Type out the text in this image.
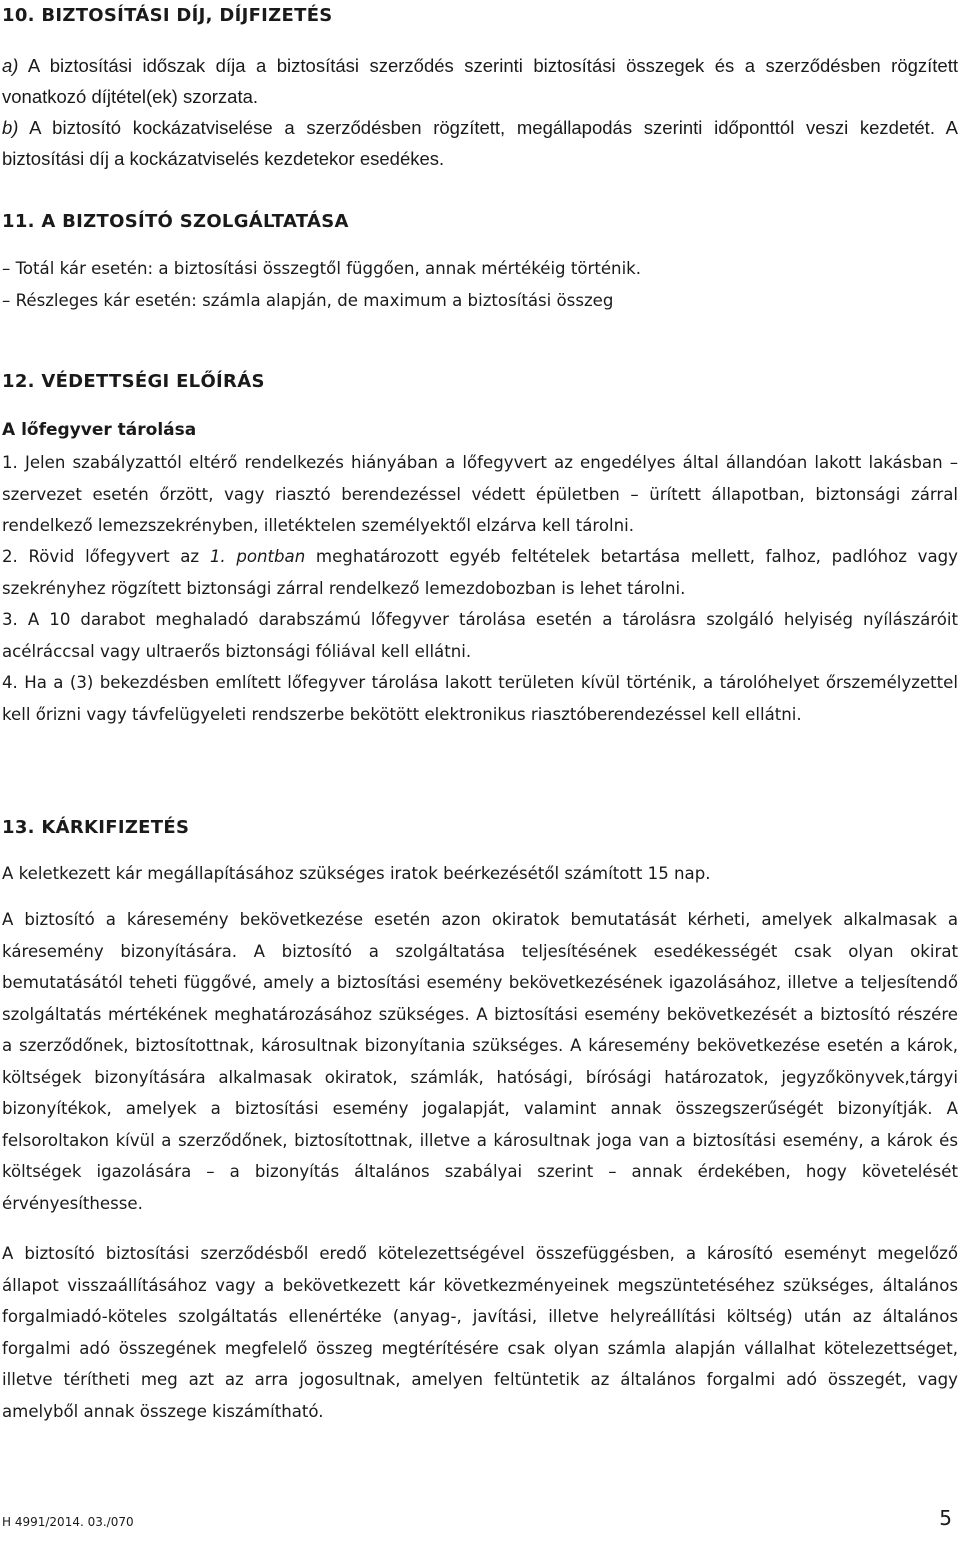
10. BIZTOSÍTÁSI DÍJ, DÍJFIZETÉS

a) A biztosítási időszak díja a biztosítási szerződés szerinti biztosítási összegek és a szerződésben rögzített vonatkozó díjtétel(ek) szorzata.

b) A biztosító kockázatviselése a szerződésben rögzített, megállapodás szerinti időponttól veszi kezdetét. A biztosítási díj a kockázatviselés kezdetekor esedékes.

11. A BIZTOSÍTÓ SZOLGÁLTATÁSA

– Totál kár esetén: a biztosítási összegtől függően, annak mértékéig történik.

– Részleges kár esetén: számla alapján, de maximum a biztosítási összeg

12. VÉDETTSÉGI ELŐÍRÁS
A lőfegyver tárolása

1. Jelen szabályzattól eltérő rendelkezés hiányában a lőfegyvert az engedélyes által állandóan lakott lakásban – szervezet esetén őrzött, vagy riasztó berendezéssel védett épületben – ürített állapotban, biztonsági zárral rendelkező lemezszekrényben, illetéktelen személyektől elzárva kell tárolni.

2. Rövid lőfegyvert az 1. pontban meghatározott egyéb feltételek betartása mellett, falhoz, padlóhoz vagy szekrényhez rögzített biztonsági zárral rendelkező lemezdobozban is lehet tárolni.

3. A 10 darabot meghaladó darabszámú lőfegyver tárolása esetén a tárolásra szolgáló helyiség nyílászáróit acélráccsal vagy ultraerős biztonsági fóliával kell ellátni.

4. Ha a (3) bekezdésben említett lőfegyver tárolása lakott területen kívül történik, a tárolóhelyet őrszemélyzettel kell őrizni vagy távfelügyeleti rendszerbe bekötött elektronikus riasztóberendezéssel kell ellátni.

13. KÁRKIFIZETÉS

A keletkezett kár megállapításához szükséges iratok beérkezésétől számított 15 nap.

A biztosító a káresemény bekövetkezése esetén azon okiratok bemutatását kérheti, amelyek alkalmasak a káresemény bizonyítására. A biztosító a szolgáltatása teljesítésének esedékességét csak olyan okirat bemutatásától teheti függővé, amely a biztosítási esemény bekövetkezésének igazolásához, illetve a teljesítendő szolgáltatás mértékének meghatározásához szükséges. A biztosítási esemény bekövetkezését a biztosító részére a szerződőnek, biztosítottnak, károsultnak bizonyítania szükséges. A káresemény bekövetkezése esetén a károk, költségek bizonyítására alkalmasak okiratok, számlák, hatósági, bírósági határozatok, jegyzőkönyvek,tárgyi bizonyítékok, amelyek a biztosítási esemény jogalapját, valamint annak összegszerűségét bizonyítják. A felsoroltakon kívül a szerződőnek, biztosítottnak, illetve a károsultnak joga van a biztosítási esemény, a károk és költségek igazolására – a bizonyítás általános szabályai szerint – annak érdekében, hogy követelését érvényesíthesse.

A biztosító biztosítási szerződésből eredő kötelezettségével összefüggésben, a károsító eseményt megelőző állapot visszaállításához vagy a bekövetkezett kár következményeinek megszüntetéséhez szükséges, általános forgalmiadó-köteles szolgáltatás ellenértéke (anyag-, javítási, illetve helyreállítási költség) után az általános forgalmi adó összegének megfelelő összeg megtérítésére csak olyan számla alapján vállalhat kötelezettséget, illetve térítheti meg azt az arra jogosultnak, amelyen feltüntetik az általános forgalmi adó összegét, vagy amelyből annak összege kiszámítható.

H 4991/2014. 03./070	5
